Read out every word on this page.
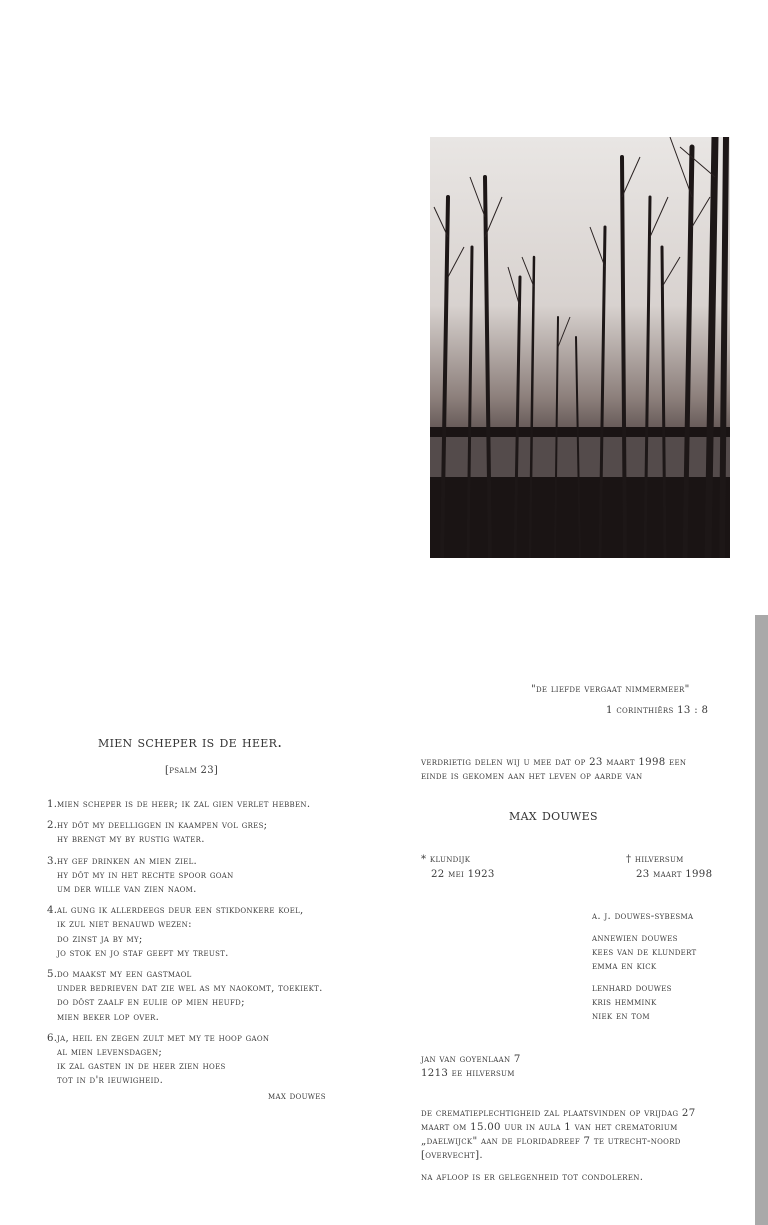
mien scheper is de heer.
[psalm 23]
1.mien scheper is de heer; ik zal gien verlet hebben.
2.hy dôt my deelliggen in kaampen vol gres;
hy brengt my by rustig water.
3.hy gef drinken an mien ziel.
hy dôt my in het rechte spoor goan
um der wille van zien naom.
4.al gung ik allerdeegs deur een stikdonkere koel,
ik zul niet benauwd wezen:
do zinst ja by my;
jo stok en jo staf geeft my treust.
5.do maakst my een gastmaol
under bedrieven dat zie wel as my naokomt, toekiekt.
do dôst zaalf en eulie op mien heufd;
mien beker lop over.
6.ja, heil en zegen zult met my te hoop gaon
al mien levensdagen;
ik zal gasten in de heer zien hoes
tot in d'r ieuwigheid.
max douwes
"de liefde vergaat nimmermeer"
1 corinthiërs 13 : 8
verdrietig delen wij u mee dat op 23 maart 1998 een einde is gekomen aan het leven op aarde van
max douwes
* klundijk
22 mei 1923
† hilversum
23 maart 1998
a. j. douwes-sybesma
annewien douwes
kees van de klundert
emma en kick
lenhard douwes
kris hemmink
niek en tom
jan van goyenlaan 7
1213 ee hilversum
de crematieplechtigheid zal plaatsvinden op vrijdag 27 maart om 15.00 uur in aula 1 van het crematorium „daelwijck" aan de floridadreef 7 te utrecht-noord [overvecht].
na afloop is er gelegenheid tot condoleren.
